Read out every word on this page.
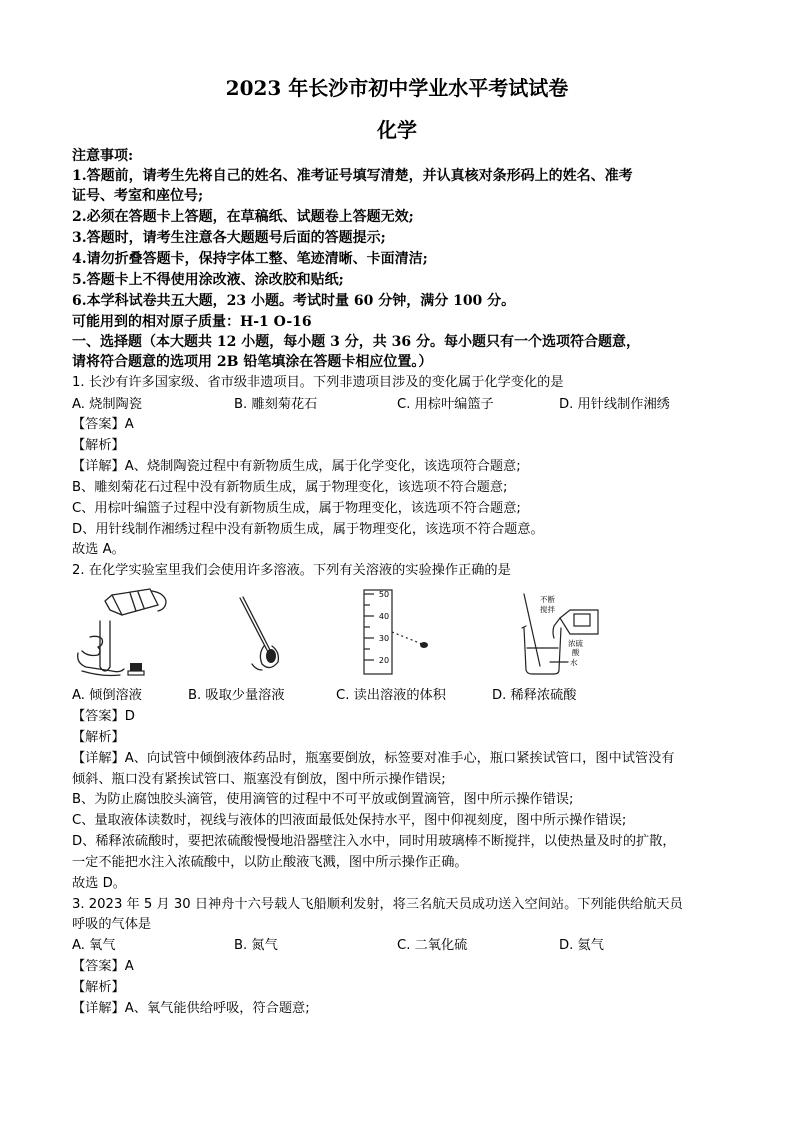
2023 年长沙市初中学业水平考试试卷
化学
注意事项:
1.答题前，请考生先将自己的姓名、准考证号填写清楚，并认真核对条形码上的姓名、准考
证号、考室和座位号;
2.必须在答题卡上答题，在草稿纸、试题卷上答题无效;
3.答题时，请考生注意各大题题号后面的答题提示;
4.请勿折叠答题卡，保持字体工整、笔迹清晰、卡面清洁;
5.答题卡上不得使用涂改液、涂改胶和贴纸;
6.本学科试卷共五大题，23 小题。考试时量 60 分钟，满分 100 分。
可能用到的相对原子质量：H-1 O-16
一、选择题（本大题共 12 小题，每小题 3 分，共 36 分。每小题只有一个选项符合题意，
请将符合题意的选项用 2B 铅笔填涂在答题卡相应位置。）
1. 长沙有许多国家级、省市级非遗项目。下列非遗项目涉及的变化属于化学变化的是
A. 烧制陶瓷	B. 雕刻菊花石	C. 用棕叶编篮子	D. 用针线制作湘绣
【答案】A
【解析】
【详解】A、烧制陶瓷过程中有新物质生成，属于化学变化，该选项符合题意;
B、雕刻菊花石过程中没有新物质生成，属于物理变化，该选项不符合题意;
C、用棕叶编篮子过程中没有新物质生成，属于物理变化，该选项不符合题意;
D、用针线制作湘绣过程中没有新物质生成，属于物理变化，该选项不符合题意。
故选 A。
2. 在化学实验室里我们会使用许多溶液。下列有关溶液的实验操作正确的是
50
40
30
20
不断
搅拌
浓硫
酸
水
A. 倾倒溶液	B. 吸取少量溶液	C. 读出溶液的体积	D. 稀释浓硫酸
【答案】D
【解析】
【详解】A、向试管中倾倒液体药品时，瓶塞要倒放，标签要对准手心，瓶口紧挨试管口，图中试管没有
倾斜、瓶口没有紧挨试管口、瓶塞没有倒放，图中所示操作错误;
B、为防止腐蚀胶头滴管，使用滴管的过程中不可平放或倒置滴管，图中所示操作错误;
C、量取液体读数时，视线与液体的凹液面最低处保持水平，图中仰视刻度，图中所示操作错误;
D、稀释浓硫酸时，要把浓硫酸慢慢地沿器壁注入水中，同时用玻璃棒不断搅拌，以使热量及时的扩散，
一定不能把水注入浓硫酸中，以防止酸液飞溅，图中所示操作正确。
故选 D。
3. 2023 年 5 月 30 日神舟十六号载人飞船顺利发射，将三名航天员成功送入空间站。下列能供给航天员
呼吸的气体是
A. 氧气	B. 氮气	C. 二氧化硫	D. 氦气
【答案】A
【解析】
【详解】A、氧气能供给呼吸，符合题意;
